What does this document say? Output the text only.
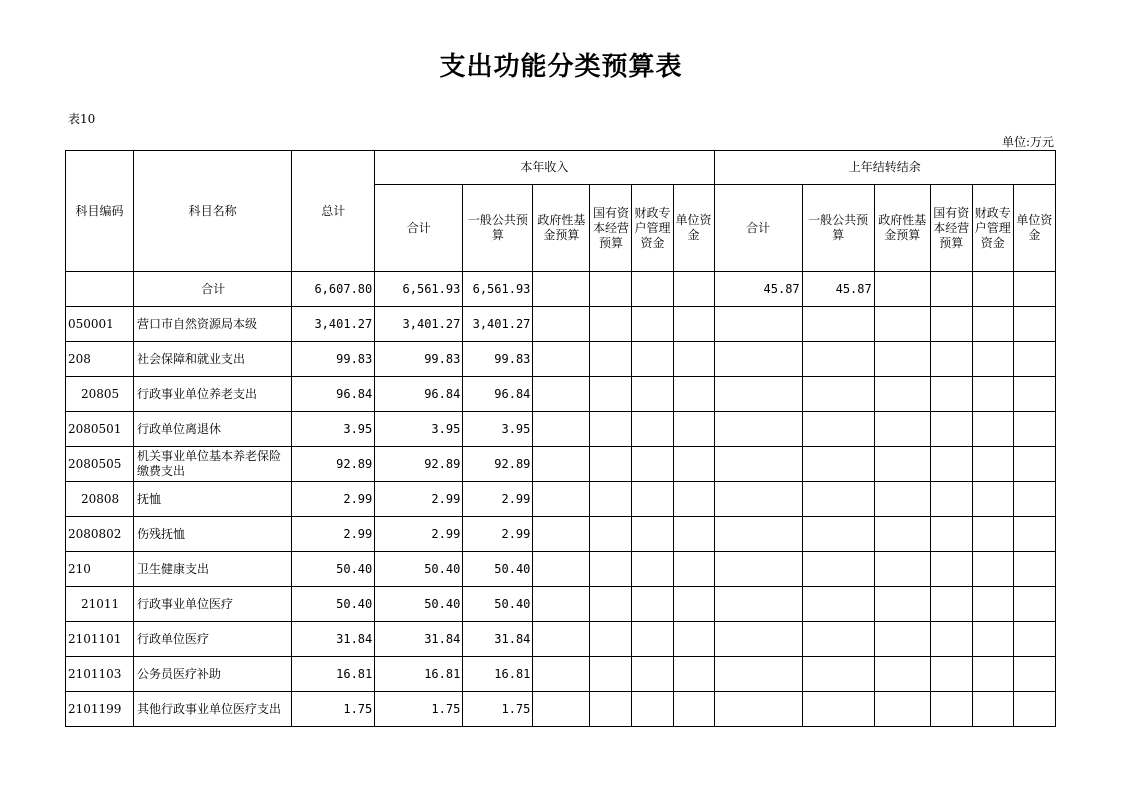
支出功能分类预算表
表10
单位:万元
科目编码	科目名称	总计	本年收入						上年结转结余					
			合计	一般公共预算	政府性基金预算	国有资本经营预算	财政专户管理资金	单位资金	合计	一般公共预算	政府性基金预算	国有资本经营预算	财政专户管理资金	单位资金
	合计	6,607.80	6,561.93	6,561.93					45.87	45.87				
050001	营口市自然资源局本级	3,401.27	3,401.27	3,401.27										
208	社会保障和就业支出	99.83	99.83	99.83										
20805	行政事业单位养老支出	96.84	96.84	96.84										
2080501	行政单位离退休	3.95	3.95	3.95										
2080505	机关事业单位基本养老保险缴费支出	92.89	92.89	92.89										
20808	抚恤	2.99	2.99	2.99										
2080802	伤残抚恤	2.99	2.99	2.99										
210	卫生健康支出	50.40	50.40	50.40										
21011	行政事业单位医疗	50.40	50.40	50.40										
2101101	行政单位医疗	31.84	31.84	31.84										
2101103	公务员医疗补助	16.81	16.81	16.81										
2101199	其他行政事业单位医疗支出	1.75	1.75	1.75										
